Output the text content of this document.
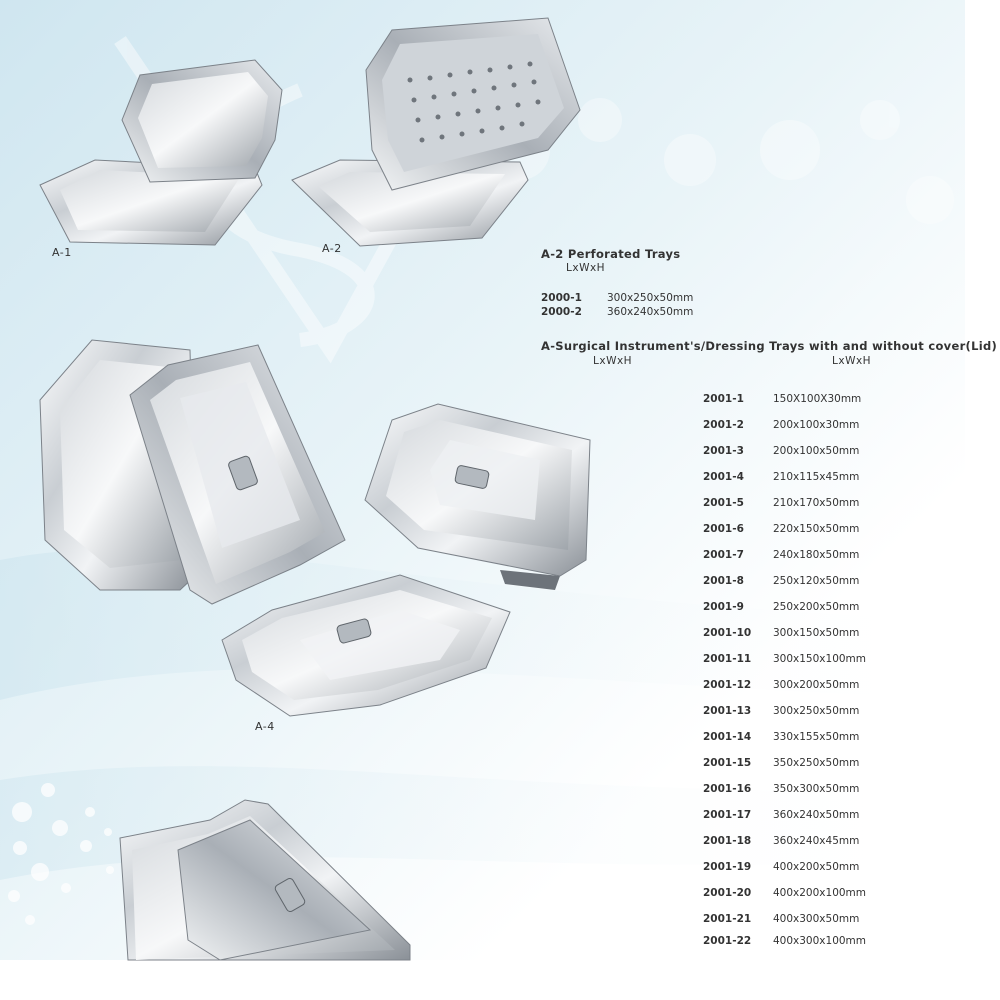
A-1	A-2
A-4
A-2 Perforated Trays
LxWxH
2000-1 300x250x50mm
2000-2 360x240x50mm
A-Surgical Instrument's/Dressing Trays with and without cover(Lid)
LxWxH	LxWxH
2001-1	150X100X30mm
2001-2	200x100x30mm
2001-3	200x100x50mm
2001-4	210x115x45mm
2001-5	210x170x50mm
2001-6	220x150x50mm
2001-7	240x180x50mm
2001-8	250x120x50mm
2001-9	250x200x50mm
2001-10 300x150x50mm
2001-11 300x150x100mm
2001-12 300x200x50mm
2001-13 300x250x50mm
2001-14 330x155x50mm
2001-15 350x250x50mm
2001-16 350x300x50mm
2001-17 360x240x50mm
2001-18 360x240x45mm
2001-19 400x200x50mm
2001-20 400x200x100mm
2001-21 400x300x50mm
2001-22 400x300x100mm
